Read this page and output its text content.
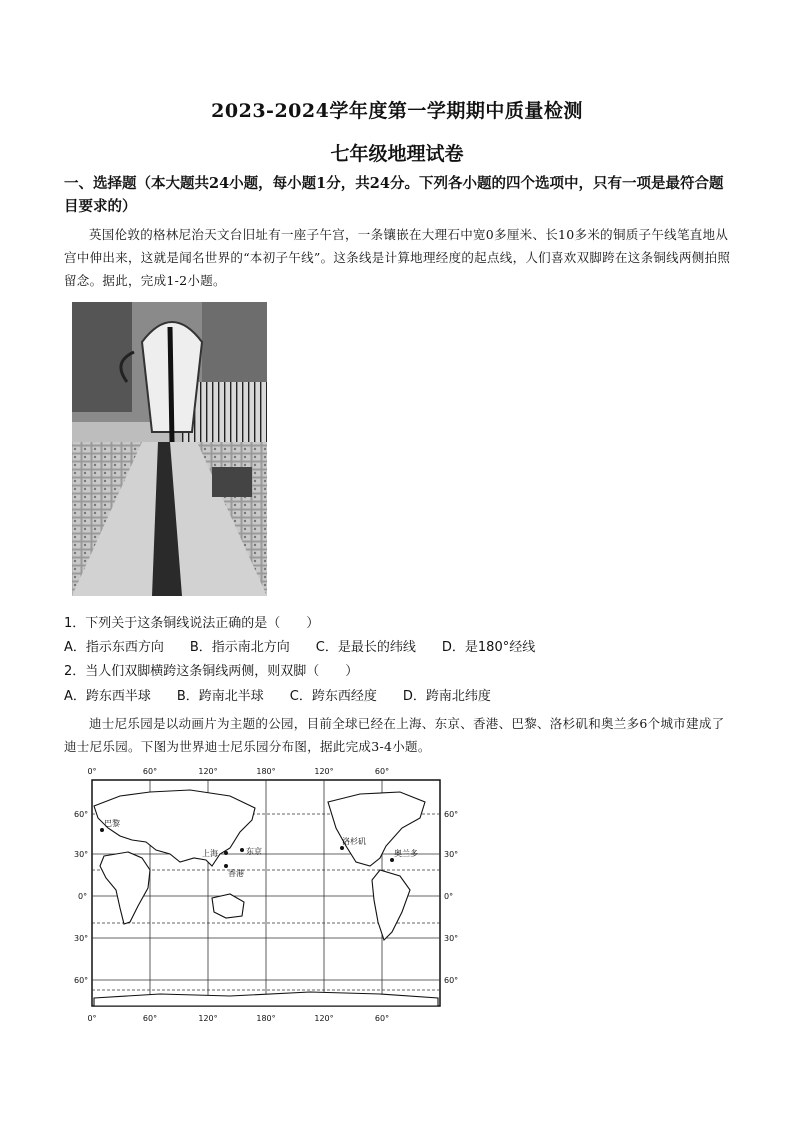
2023-2024学年度第一学期期中质量检测
七年级地理试卷
一、选择题（本大题共24小题，每小题1分，共24分。下列各小题的四个选项中，只有一项是最符合题目要求的）
英国伦敦的格林尼治天文台旧址有一座子午宫，一条镶嵌在大理石中宽0多厘米、长10多米的铜质子午线笔直地从宫中伸出来，这就是闻名世界的“本初子午线”。这条线是计算地理经度的起点线，人们喜欢双脚跨在这条铜线两侧拍照留念。据此，完成1-2小题。
1．下列关于这条铜线说法正确的是（　　）
A．指示东西方向　　B．指示南北方向　　C．是最长的纬线　　D．是180°经线
2．当人们双脚横跨这条铜线两侧，则双脚（　　）
A．跨东西半球　　B．跨南北半球　　C．跨东西经度　　D．跨南北纬度
迪士尼乐园是以动画片为主题的公园，目前全球已经在上海、东京、香港、巴黎、洛杉矶和奥兰多6个城市建成了迪士尼乐园。下图为世界迪士尼乐园分布图，据此完成3-4小题。
0°	60°	120°	180°	120°	60°
0°	60°	120°	180°	120°	60°
60°
30°
0°
30°
60°
60°
30°
0°
30°
60°
巴黎
上海	东京
香港
洛杉矶
奥兰多
